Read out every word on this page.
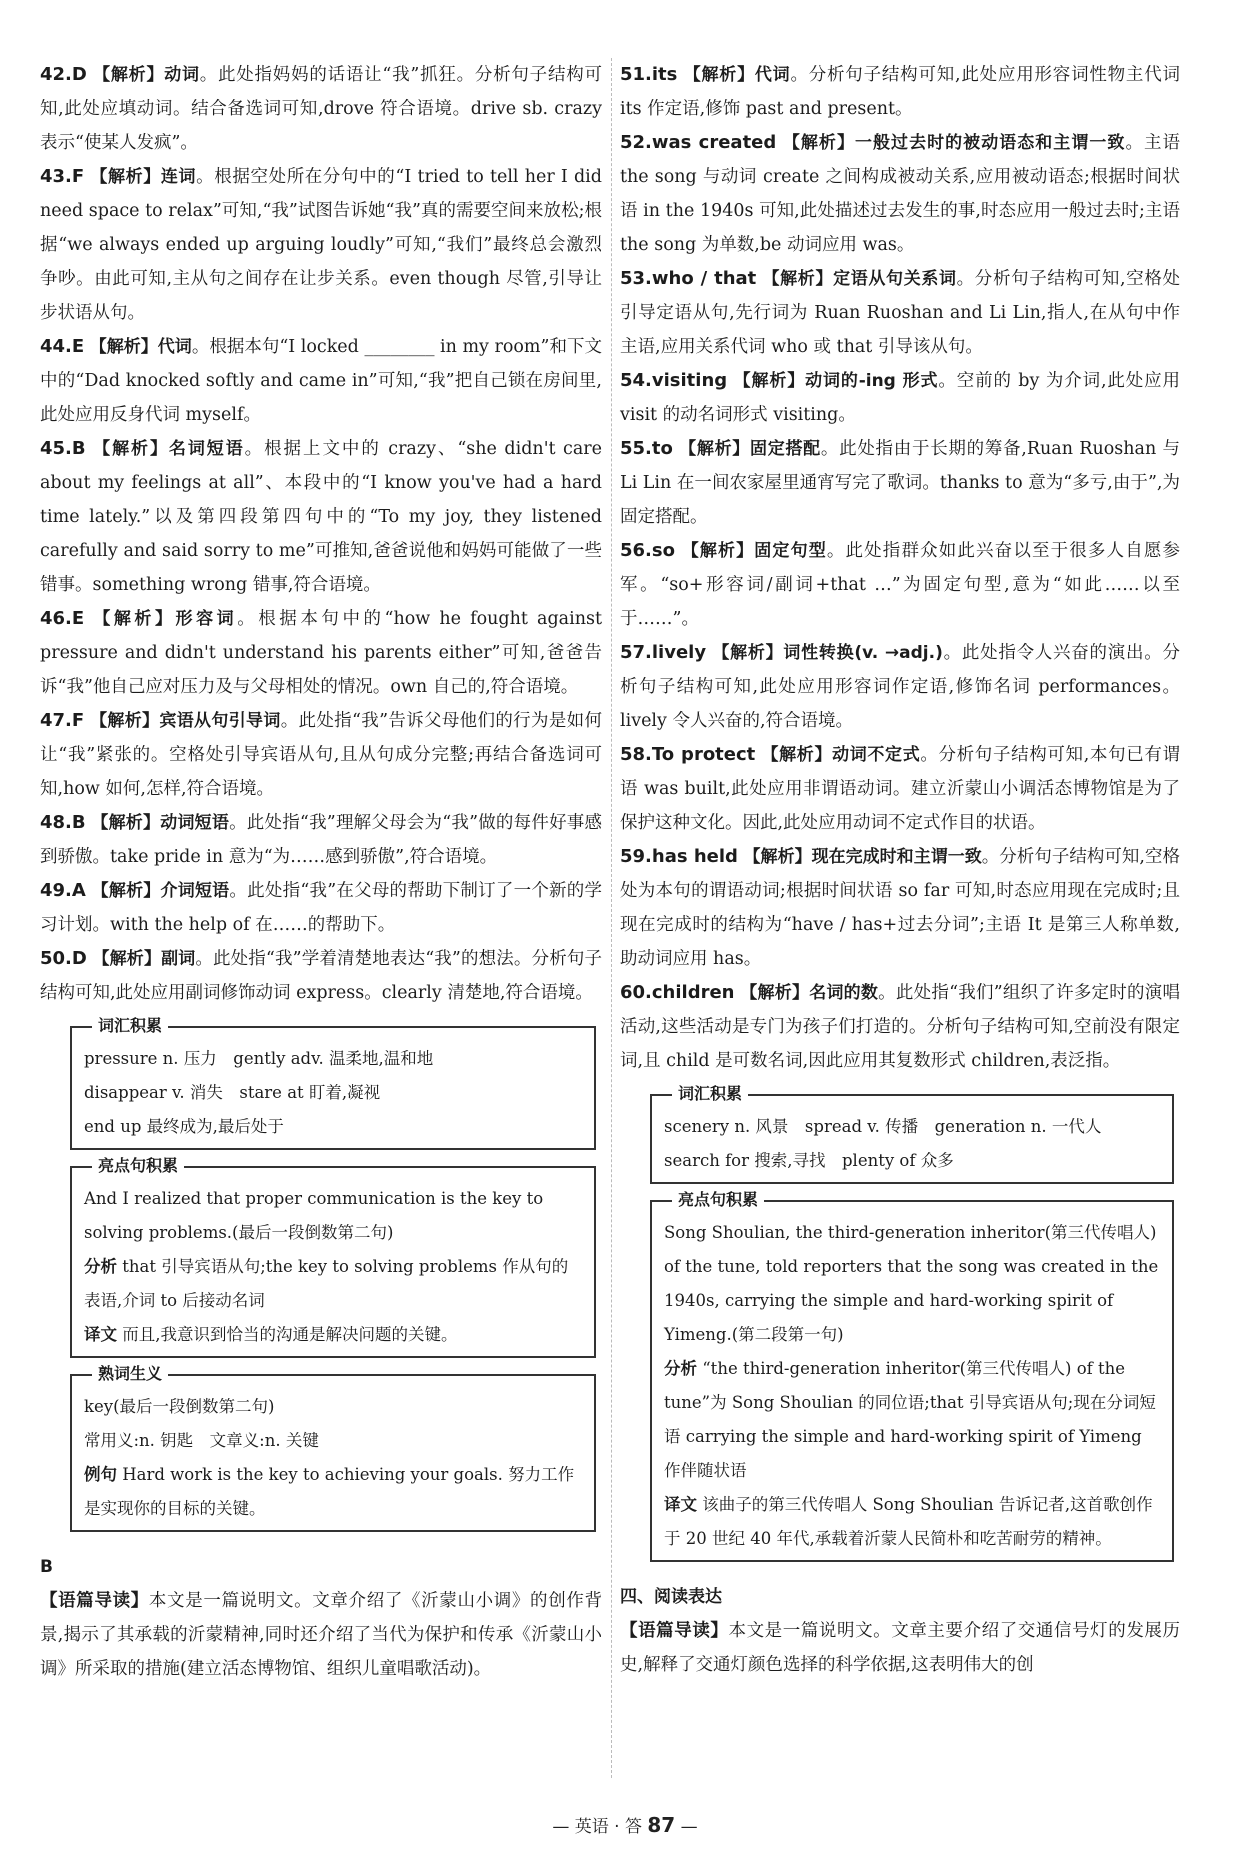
42.D 【解析】动词。此处指妈妈的话语让“我”抓狂。分析句子结构可知,此处应填动词。结合备选词可知,drove 符合语境。drive sb. crazy 表示“使某人发疯”。

43.F 【解析】连词。根据空处所在分句中的“I tried to tell her I did need space to relax”可知,“我”试图告诉她“我”真的需要空间来放松;根据“we always ended up arguing loudly”可知,“我们”最终总会激烈争吵。由此可知,主从句之间存在让步关系。even though 尽管,引导让步状语从句。

44.E 【解析】代词。根据本句“I locked ________ in my room”和下文中的“Dad knocked softly and came in”可知,“我”把自己锁在房间里,此处应用反身代词 myself。

45.B 【解析】名词短语。根据上文中的 crazy、“she didn't care about my feelings at all”、本段中的“I know you've had a hard time lately.”以及第四段第四句中的“To my joy, they listened carefully and said sorry to me”可推知,爸爸说他和妈妈可能做了一些错事。something wrong 错事,符合语境。

46.E 【解析】形容词。根据本句中的“how he fought against pressure and didn't understand his parents either”可知,爸爸告诉“我”他自己应对压力及与父母相处的情况。own 自己的,符合语境。

47.F 【解析】宾语从句引导词。此处指“我”告诉父母他们的行为是如何让“我”紧张的。空格处引导宾语从句,且从句成分完整;再结合备选词可知,how 如何,怎样,符合语境。

48.B 【解析】动词短语。此处指“我”理解父母会为“我”做的每件好事感到骄傲。take pride in 意为“为……感到骄傲”,符合语境。

49.A 【解析】介词短语。此处指“我”在父母的帮助下制订了一个新的学习计划。with the help of 在……的帮助下。

50.D 【解析】副词。此处指“我”学着清楚地表达“我”的想法。分析句子结构可知,此处应用副词修饰动词 express。clearly 清楚地,符合语境。

词汇积累

pressure n. 压力　gently adv. 温柔地,温和地

disappear v. 消失　stare at 盯着,凝视

end up 最终成为,最后处于

亮点句积累

And I realized that proper communication is the key to solving problems.(最后一段倒数第二句)

分析 that 引导宾语从句;the key to solving problems 作从句的表语,介词 to 后接动名词

译文 而且,我意识到恰当的沟通是解决问题的关键。

熟词生义

key(最后一段倒数第二句)

常用义:n. 钥匙　文章义:n. 关键

例句 Hard work is the key to achieving your goals. 努力工作是实现你的目标的关键。

B

【语篇导读】本文是一篇说明文。文章介绍了《沂蒙山小调》的创作背景,揭示了其承载的沂蒙精神,同时还介绍了当代为保护和传承《沂蒙山小调》所采取的措施(建立活态博物馆、组织儿童唱歌活动)。

51.its 【解析】代词。分析句子结构可知,此处应用形容词性物主代词 its 作定语,修饰 past and present。

52.was created 【解析】一般过去时的被动语态和主谓一致。主语 the song 与动词 create 之间构成被动关系,应用被动语态;根据时间状语 in the 1940s 可知,此处描述过去发生的事,时态应用一般过去时;主语 the song 为单数,be 动词应用 was。

53.who / that 【解析】定语从句关系词。分析句子结构可知,空格处引导定语从句,先行词为 Ruan Ruoshan and Li Lin,指人,在从句中作主语,应用关系代词 who 或 that 引导该从句。

54.visiting 【解析】动词的-ing 形式。空前的 by 为介词,此处应用 visit 的动名词形式 visiting。

55.to 【解析】固定搭配。此处指由于长期的筹备,Ruan Ruoshan 与 Li Lin 在一间农家屋里通宵写完了歌词。thanks to 意为“多亏,由于”,为固定搭配。

56.so 【解析】固定句型。此处指群众如此兴奋以至于很多人自愿参军。“so+形容词/副词+that …”为固定句型,意为“如此……以至于……”。

57.lively 【解析】词性转换(v. →adj.)。此处指令人兴奋的演出。分析句子结构可知,此处应用形容词作定语,修饰名词 performances。lively 令人兴奋的,符合语境。

58.To protect 【解析】动词不定式。分析句子结构可知,本句已有谓语 was built,此处应用非谓语动词。建立沂蒙山小调活态博物馆是为了保护这种文化。因此,此处应用动词不定式作目的状语。

59.has held 【解析】现在完成时和主谓一致。分析句子结构可知,空格处为本句的谓语动词;根据时间状语 so far 可知,时态应用现在完成时;且现在完成时的结构为“have / has+过去分词”;主语 It 是第三人称单数,助动词应用 has。

60.children 【解析】名词的数。此处指“我们”组织了许多定时的演唱活动,这些活动是专门为孩子们打造的。分析句子结构可知,空前没有限定词,且 child 是可数名词,因此应用其复数形式 children,表泛指。

词汇积累

scenery n. 风景　spread v. 传播　generation n. 一代人

search for 搜索,寻找　plenty of 众多

亮点句积累

Song Shoulian, the third-generation inheritor(第三代传唱人) of the tune, told reporters that the song was created in the 1940s, carrying the simple and hard-working spirit of Yimeng.(第二段第一句)

分析 “the third-generation inheritor(第三代传唱人) of the tune”为 Song Shoulian 的同位语;that 引导宾语从句;现在分词短语 carrying the simple and hard-working spirit of Yimeng 作伴随状语

译文 该曲子的第三代传唱人 Song Shoulian 告诉记者,这首歌创作于 20 世纪 40 年代,承载着沂蒙人民简朴和吃苦耐劳的精神。

四、阅读表达

【语篇导读】本文是一篇说明文。文章主要介绍了交通信号灯的发展历史,解释了交通灯颜色选择的科学依据,这表明伟大的创

— 英语 · 答 87 —
